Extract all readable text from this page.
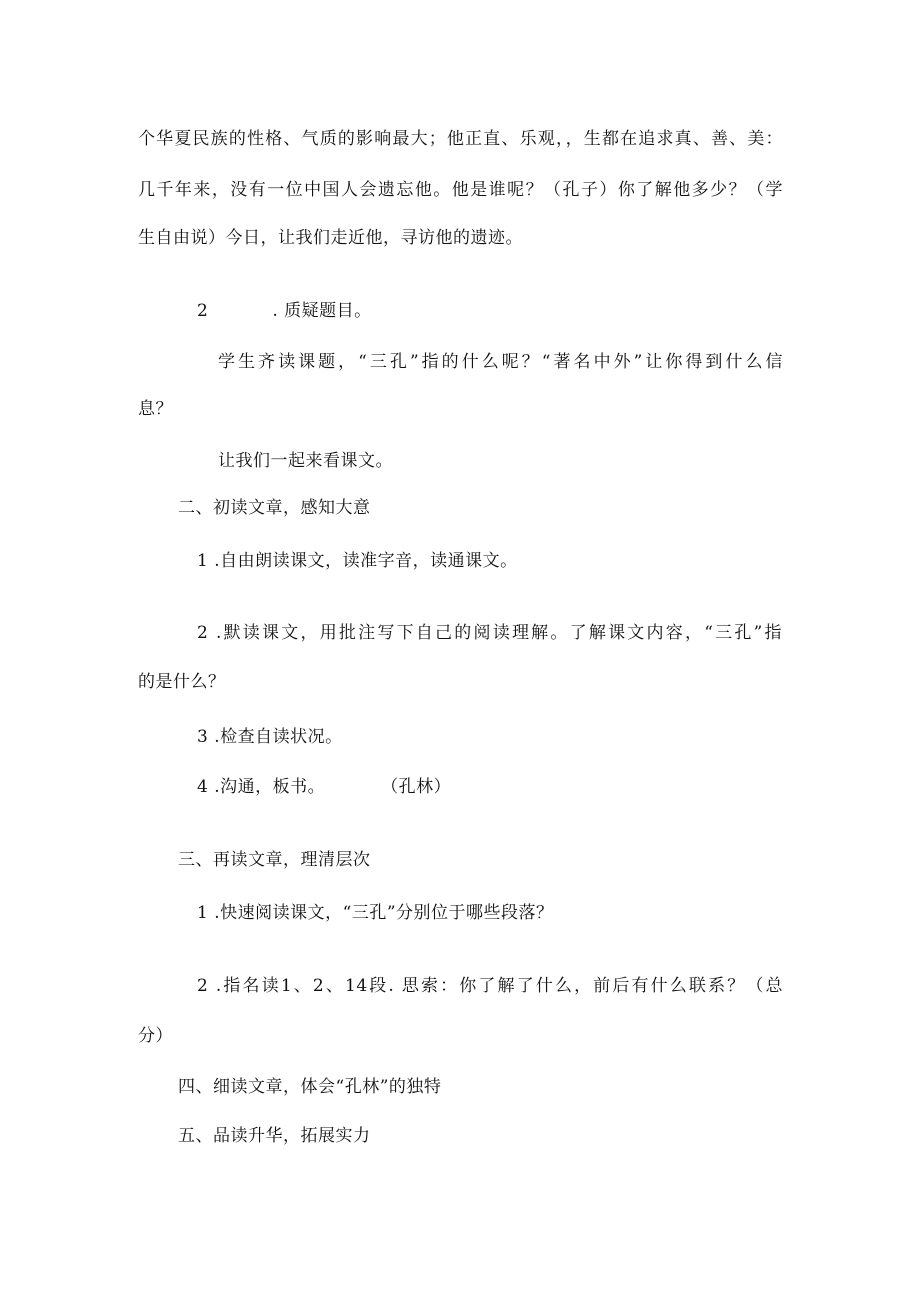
个华夏民族的性格、气质的影响最大；他正直、乐观，，生都在追求真、善、美：
几千年来，没有一位中国人会遗忘他。他是谁呢？（孔子）你了解他多少？（学
生自由说）今日，让我们走近他，寻访他的遗迹。
2	. 质疑题目。
学生齐读课题，“三孔”指的什么呢？“著名中外”让你得到什么信
息？
让我们一起来看课文。
二、初读文章，感知大意
1 .自由朗读课文，读准字音，读通课文。
2 .默读课文，用批注写下自己的阅读理解。了解课文内容，“三孔”指
的是什么？
3 .检查自读状况。
4 .沟通，板书。	（孔林）
三、再读文章，理清层次
1 .快速阅读课文，“三孔”分别位于哪些段落？
2 .指名读1、2、14段. 思索：你了解了什么，前后有什么联系？（总
分）
四、细读文章，体会“孔林”的独特
五、品读升华，拓展实力
